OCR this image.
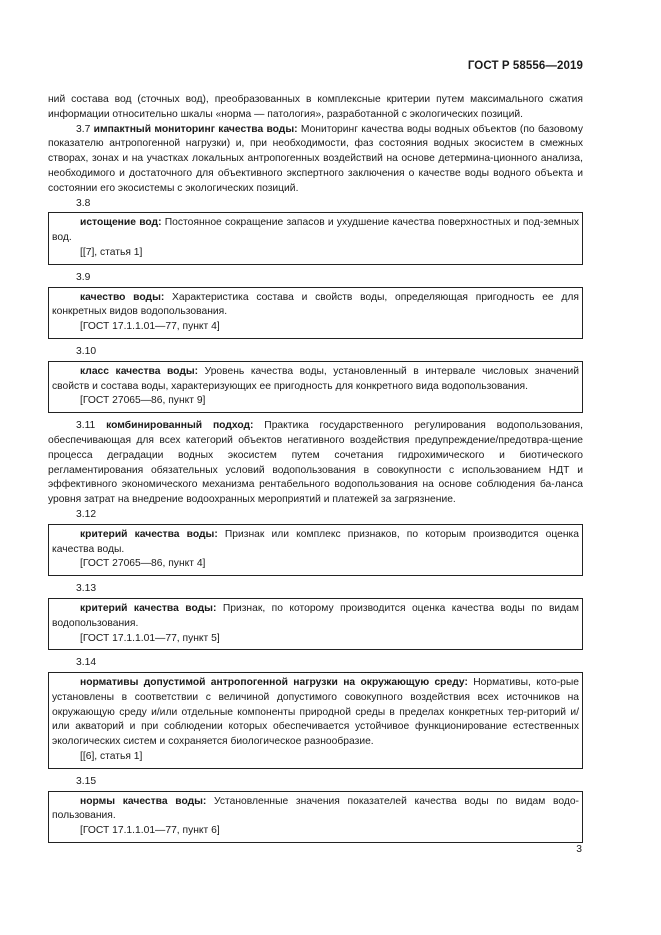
ГОСТ Р 58556—2019

ний состава вод (сточных вод), преобразованных в комплексные критерии путем максимального сжатия информации относительно шкалы «норма — патология», разработанной с экологических позиций.

3.7 импактный мониторинг качества воды: Мониторинг качества воды водных объектов (по базовому показателю антропогенной нагрузки) и, при необходимости, фаз состояния водных экосистем в смежных створах, зонах и на участках локальных антропогенных воздействий на основе детермина-ционного анализа, необходимого и достаточного для объективного экспертного заключения о качестве воды водного объекта и состоянии его экосистемы с экологических позиций.

3.8

истощение вод: Постоянное сокращение запасов и ухудшение качества поверхностных и под-земных вод.

[[7], статья 1]

3.9

качество воды: Характеристика состава и свойств воды, определяющая пригодность ее для конкретных видов водопользования.

[ГОСТ 17.1.1.01—77, пункт 4]

3.10

класс качества воды: Уровень качества воды, установленный в интервале числовых значений свойств и состава воды, характеризующих ее пригодность для конкретного вида водопользования.

[ГОСТ 27065—86, пункт 9]

3.11 комбинированный подход: Практика государственного регулирования водопользования, обеспечивающая для всех категорий объектов негативного воздействия предупреждение/предотвра-щение процесса деградации водных экосистем путем сочетания гидрохимического и биотического регламентирования обязательных условий водопользования в совокупности с использованием НДТ и эффективного экономического механизма рентабельного водопользования на основе соблюдения ба-ланса уровня затрат на внедрение водоохранных мероприятий и платежей за загрязнение.

3.12

критерий качества воды: Признак или комплекс признаков, по которым производится оценка качества воды.

[ГОСТ 27065—86, пункт 4]

3.13

критерий качества воды: Признак, по которому производится оценка качества воды по видам водопользования.

[ГОСТ 17.1.1.01—77, пункт 5]

3.14

нормативы допустимой антропогенной нагрузки на окружающую среду: Нормативы, кото-рые установлены в соответствии с величиной допустимого совокупного воздействия всех источников на окружающую среду и/или отдельные компоненты природной среды в пределах конкретных тер-риторий и/или акваторий и при соблюдении которых обеспечивается устойчивое функционирование естественных экологических систем и сохраняется биологическое разнообразие.

[[6], статья 1]

3.15

нормы качества воды: Установленные значения показателей качества воды по видам водо-пользования.

[ГОСТ 17.1.1.01—77, пункт 6]

3
